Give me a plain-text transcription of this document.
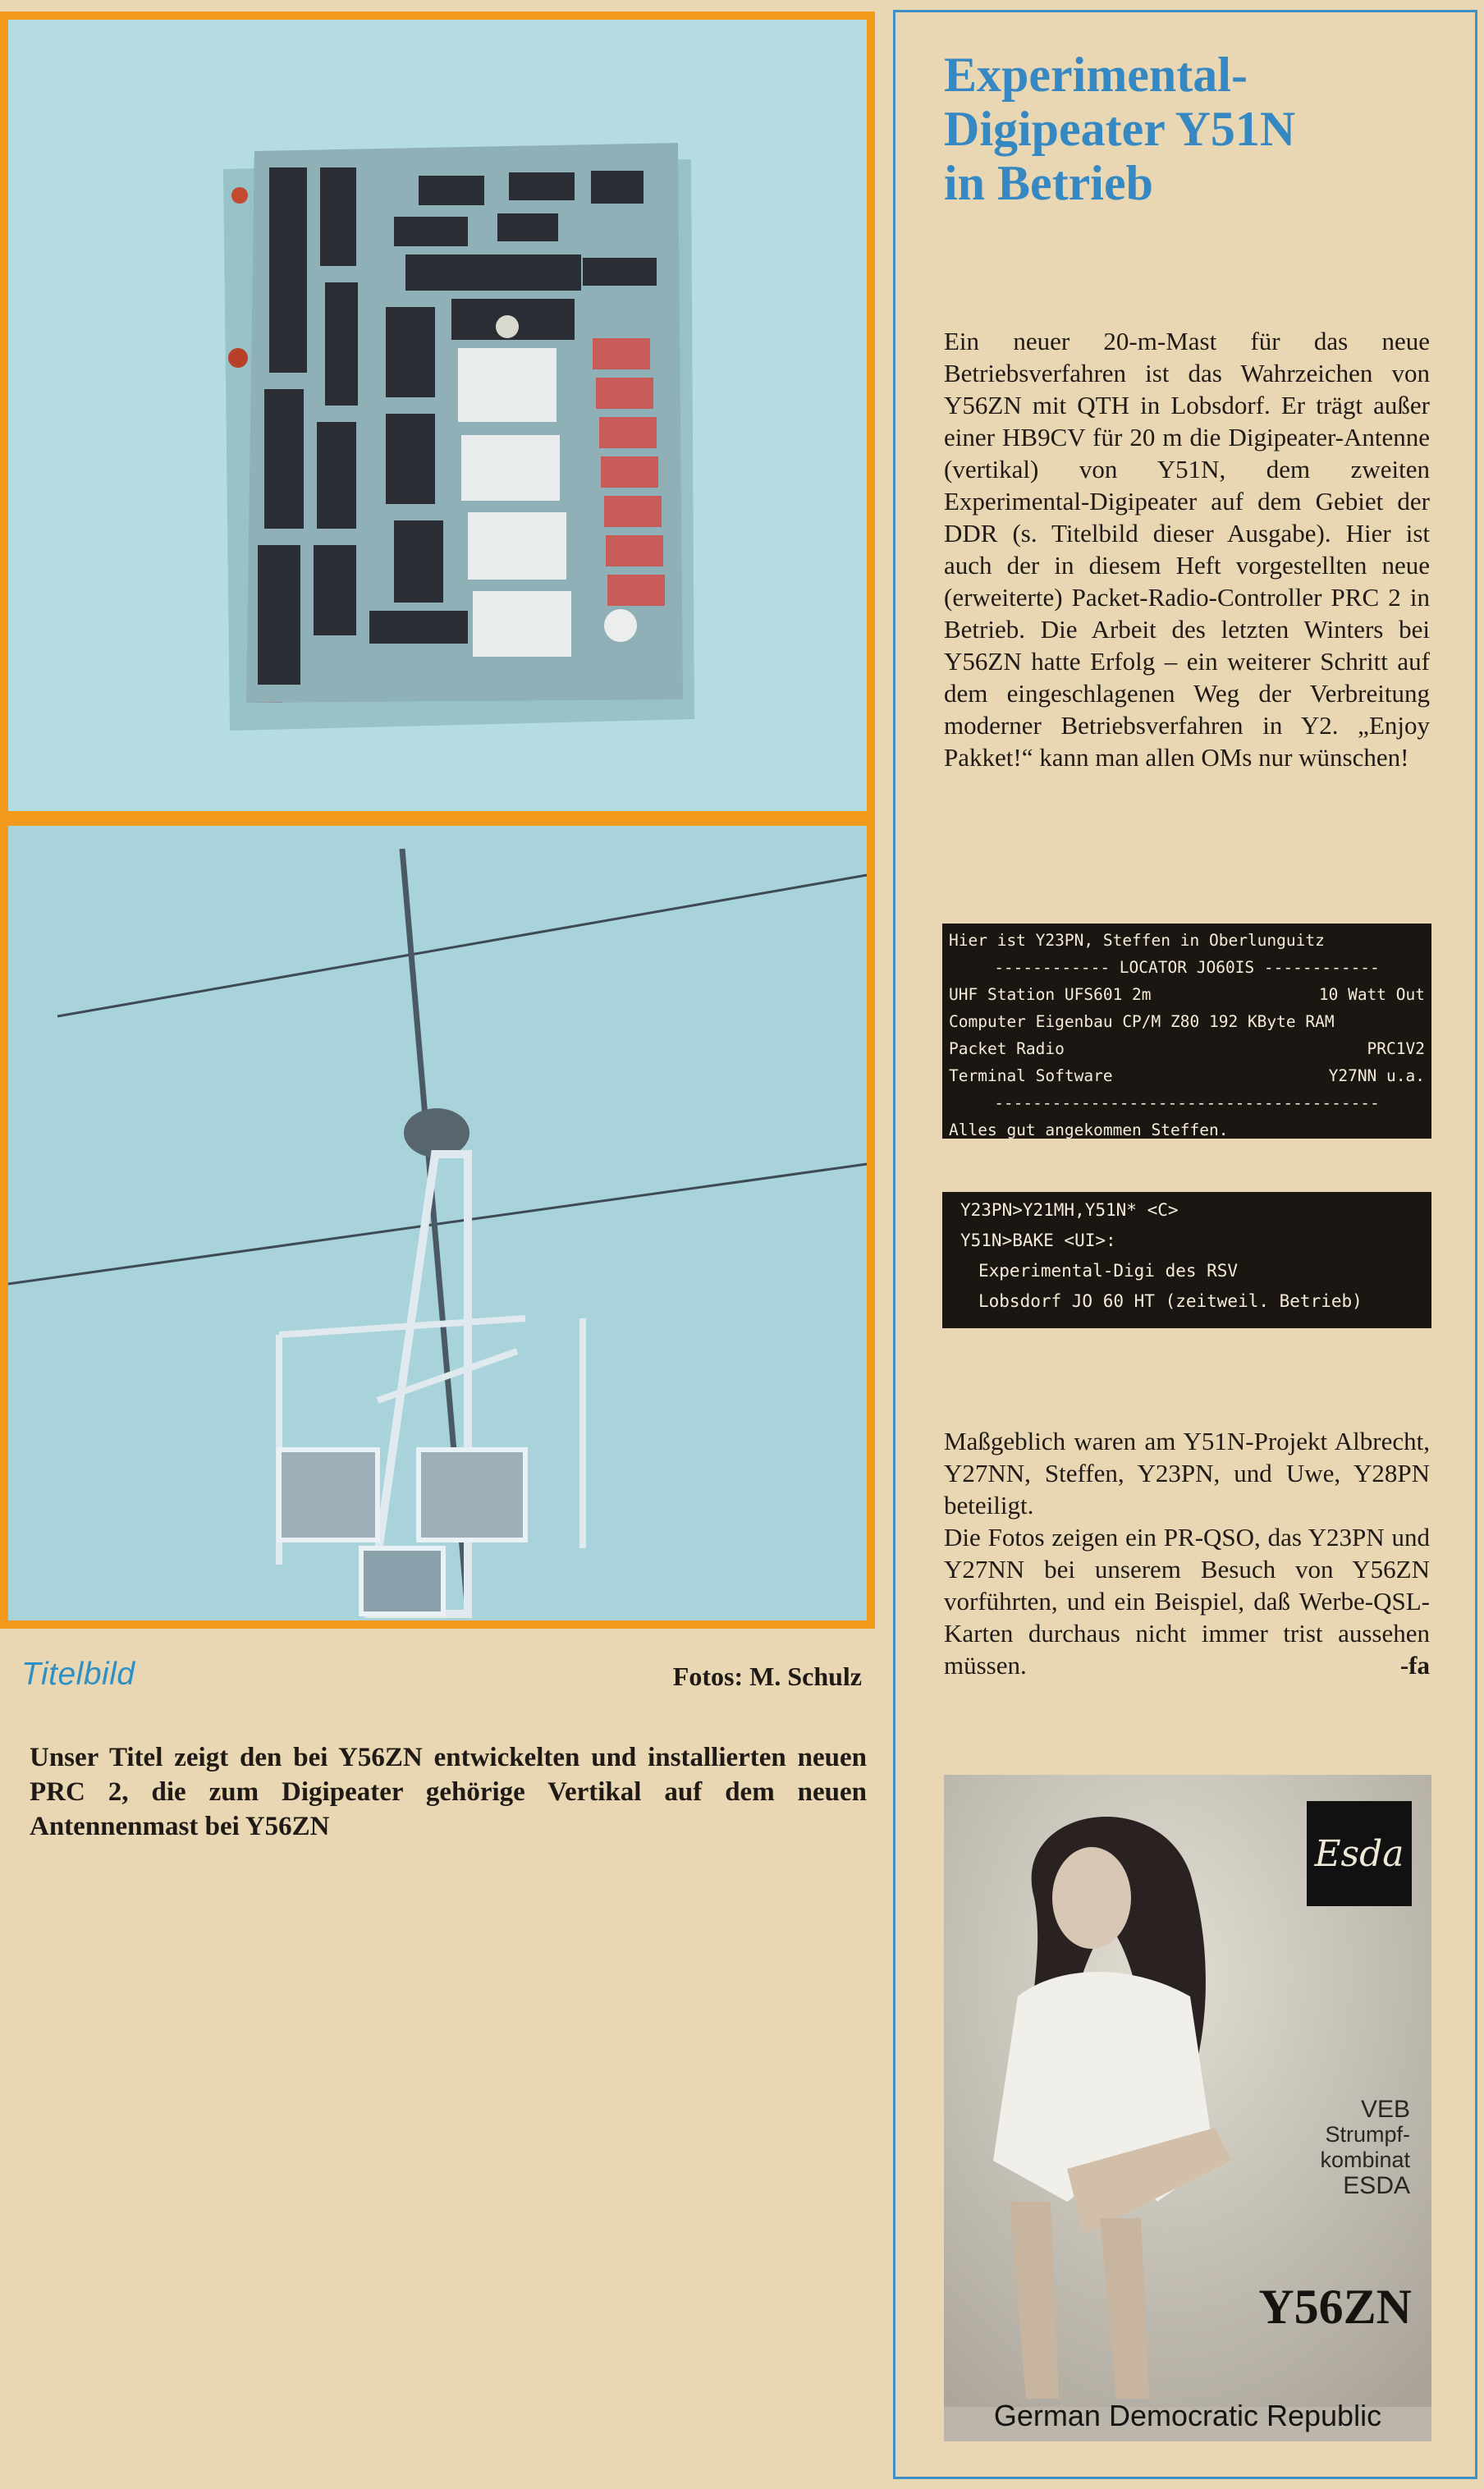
Titelbild	Fotos: M. Schulz
Unser Titel zeigt den bei Y56ZN entwickelten und installierten neuen PRC 2, die zum Digipeater gehörige Vertikal auf dem neuen Antennenmast bei Y56ZN
Experimental-
Digipeater Y51N
in Betrieb
Ein neuer 20-m-Mast für das neue Betriebsverfahren ist das Wahrzeichen von Y56ZN mit QTH in Lobsdorf. Er trägt außer einer HB9CV für 20 m die Digipeater-Antenne (vertikal) von Y51N, dem zweiten Experimental-Digipeater auf dem Gebiet der DDR (s. Titelbild dieser Ausgabe). Hier ist auch der in diesem Heft vorgestellten neue (erweiterte) Packet-Radio-Controller PRC 2 in Betrieb. Die Arbeit des letzten Winters bei Y56ZN hatte Erfolg – ein weiterer Schritt auf dem eingeschlagenen Weg der Verbreitung moderner Betriebsverfahren in Y2. „Enjoy Pakket!“ kann man allen OMs nur wünschen!
Hier ist Y23PN, Steffen in Oberlunguitz
------------ LOCATOR JO60IS ------------
UHF Station UFS601 2m	10 Watt Out
Computer Eigenbau CP/M Z80 192 KByte RAM
Packet Radio	PRC1V2
Terminal Software	Y27NN u.a.
----------------------------------------
Alles gut angekommen Steffen.
Y23PN>Y21MH,Y51N* <C>
Y51N>BAKE <UI>:
Experimental-Digi des RSV
Lobsdorf JO 60 HT (zeitweil. Betrieb)
Maßgeblich waren am Y51N-Projekt Albrecht, Y27NN, Steffen, Y23PN, und Uwe, Y28PN beteiligt.
Die Fotos zeigen ein PR-QSO, das Y23PN und Y27NN bei unserem Besuch von Y56ZN vorführten, und ein Beispiel, daß Werbe-QSL-Karten durchaus nicht immer trist aussehen müssen.	-fa
Esda
VEB
Strumpf-
kombinat
ESDA
Y56ZN
German Democratic Republic
